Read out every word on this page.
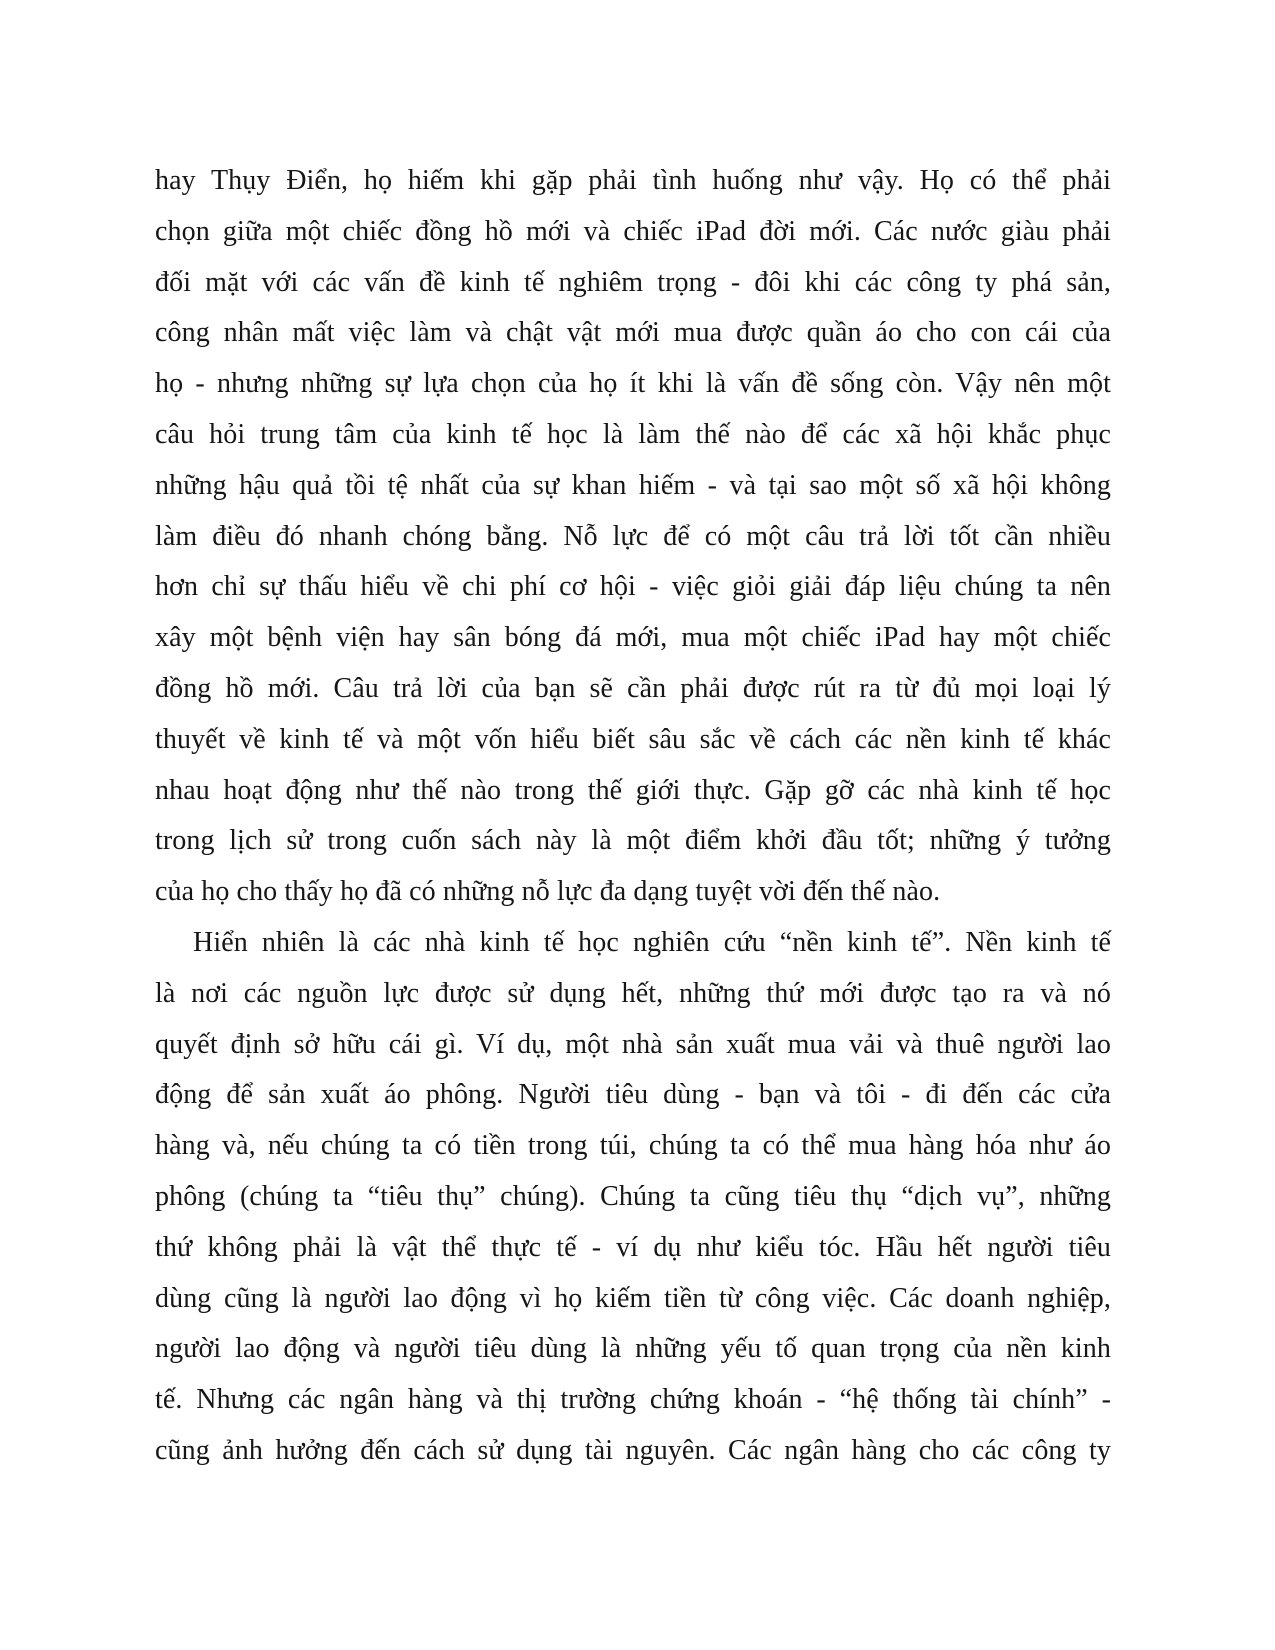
hay Thụy Điển, họ hiếm khi gặp phải tình huống như vậy. Họ có thể phải
chọn giữa một chiếc đồng hồ mới và chiếc iPad đời mới. Các nước giàu phải
đối mặt với các vấn đề kinh tế nghiêm trọng - đôi khi các công ty phá sản,
công nhân mất việc làm và chật vật mới mua được quần áo cho con cái của
họ - nhưng những sự lựa chọn của họ ít khi là vấn đề sống còn. Vậy nên một
câu hỏi trung tâm của kinh tế học là làm thế nào để các xã hội khắc phục
những hậu quả tồi tệ nhất của sự khan hiếm - và tại sao một số xã hội không
làm điều đó nhanh chóng bằng. Nỗ lực để có một câu trả lời tốt cần nhiều
hơn chỉ sự thấu hiểu về chi phí cơ hội - việc giỏi giải đáp liệu chúng ta nên
xây một bệnh viện hay sân bóng đá mới, mua một chiếc iPad hay một chiếc
đồng hồ mới. Câu trả lời của bạn sẽ cần phải được rút ra từ đủ mọi loại lý
thuyết về kinh tế và một vốn hiểu biết sâu sắc về cách các nền kinh tế khác
nhau hoạt động như thế nào trong thế giới thực. Gặp gỡ các nhà kinh tế học
trong lịch sử trong cuốn sách này là một điểm khởi đầu tốt; những ý tưởng
của họ cho thấy họ đã có những nỗ lực đa dạng tuyệt vời đến thế nào.
Hiển nhiên là các nhà kinh tế học nghiên cứu “nền kinh tế”. Nền kinh tế
là nơi các nguồn lực được sử dụng hết, những thứ mới được tạo ra và nó
quyết định sở hữu cái gì. Ví dụ, một nhà sản xuất mua vải và thuê người lao
động để sản xuất áo phông. Người tiêu dùng - bạn và tôi - đi đến các cửa
hàng và, nếu chúng ta có tiền trong túi, chúng ta có thể mua hàng hóa như áo
phông (chúng ta “tiêu thụ” chúng). Chúng ta cũng tiêu thụ “dịch vụ”, những
thứ không phải là vật thể thực tế - ví dụ như kiểu tóc. Hầu hết người tiêu
dùng cũng là người lao động vì họ kiếm tiền từ công việc. Các doanh nghiệp,
người lao động và người tiêu dùng là những yếu tố quan trọng của nền kinh
tế. Nhưng các ngân hàng và thị trường chứng khoán - “hệ thống tài chính” -
cũng ảnh hưởng đến cách sử dụng tài nguyên. Các ngân hàng cho các công ty
